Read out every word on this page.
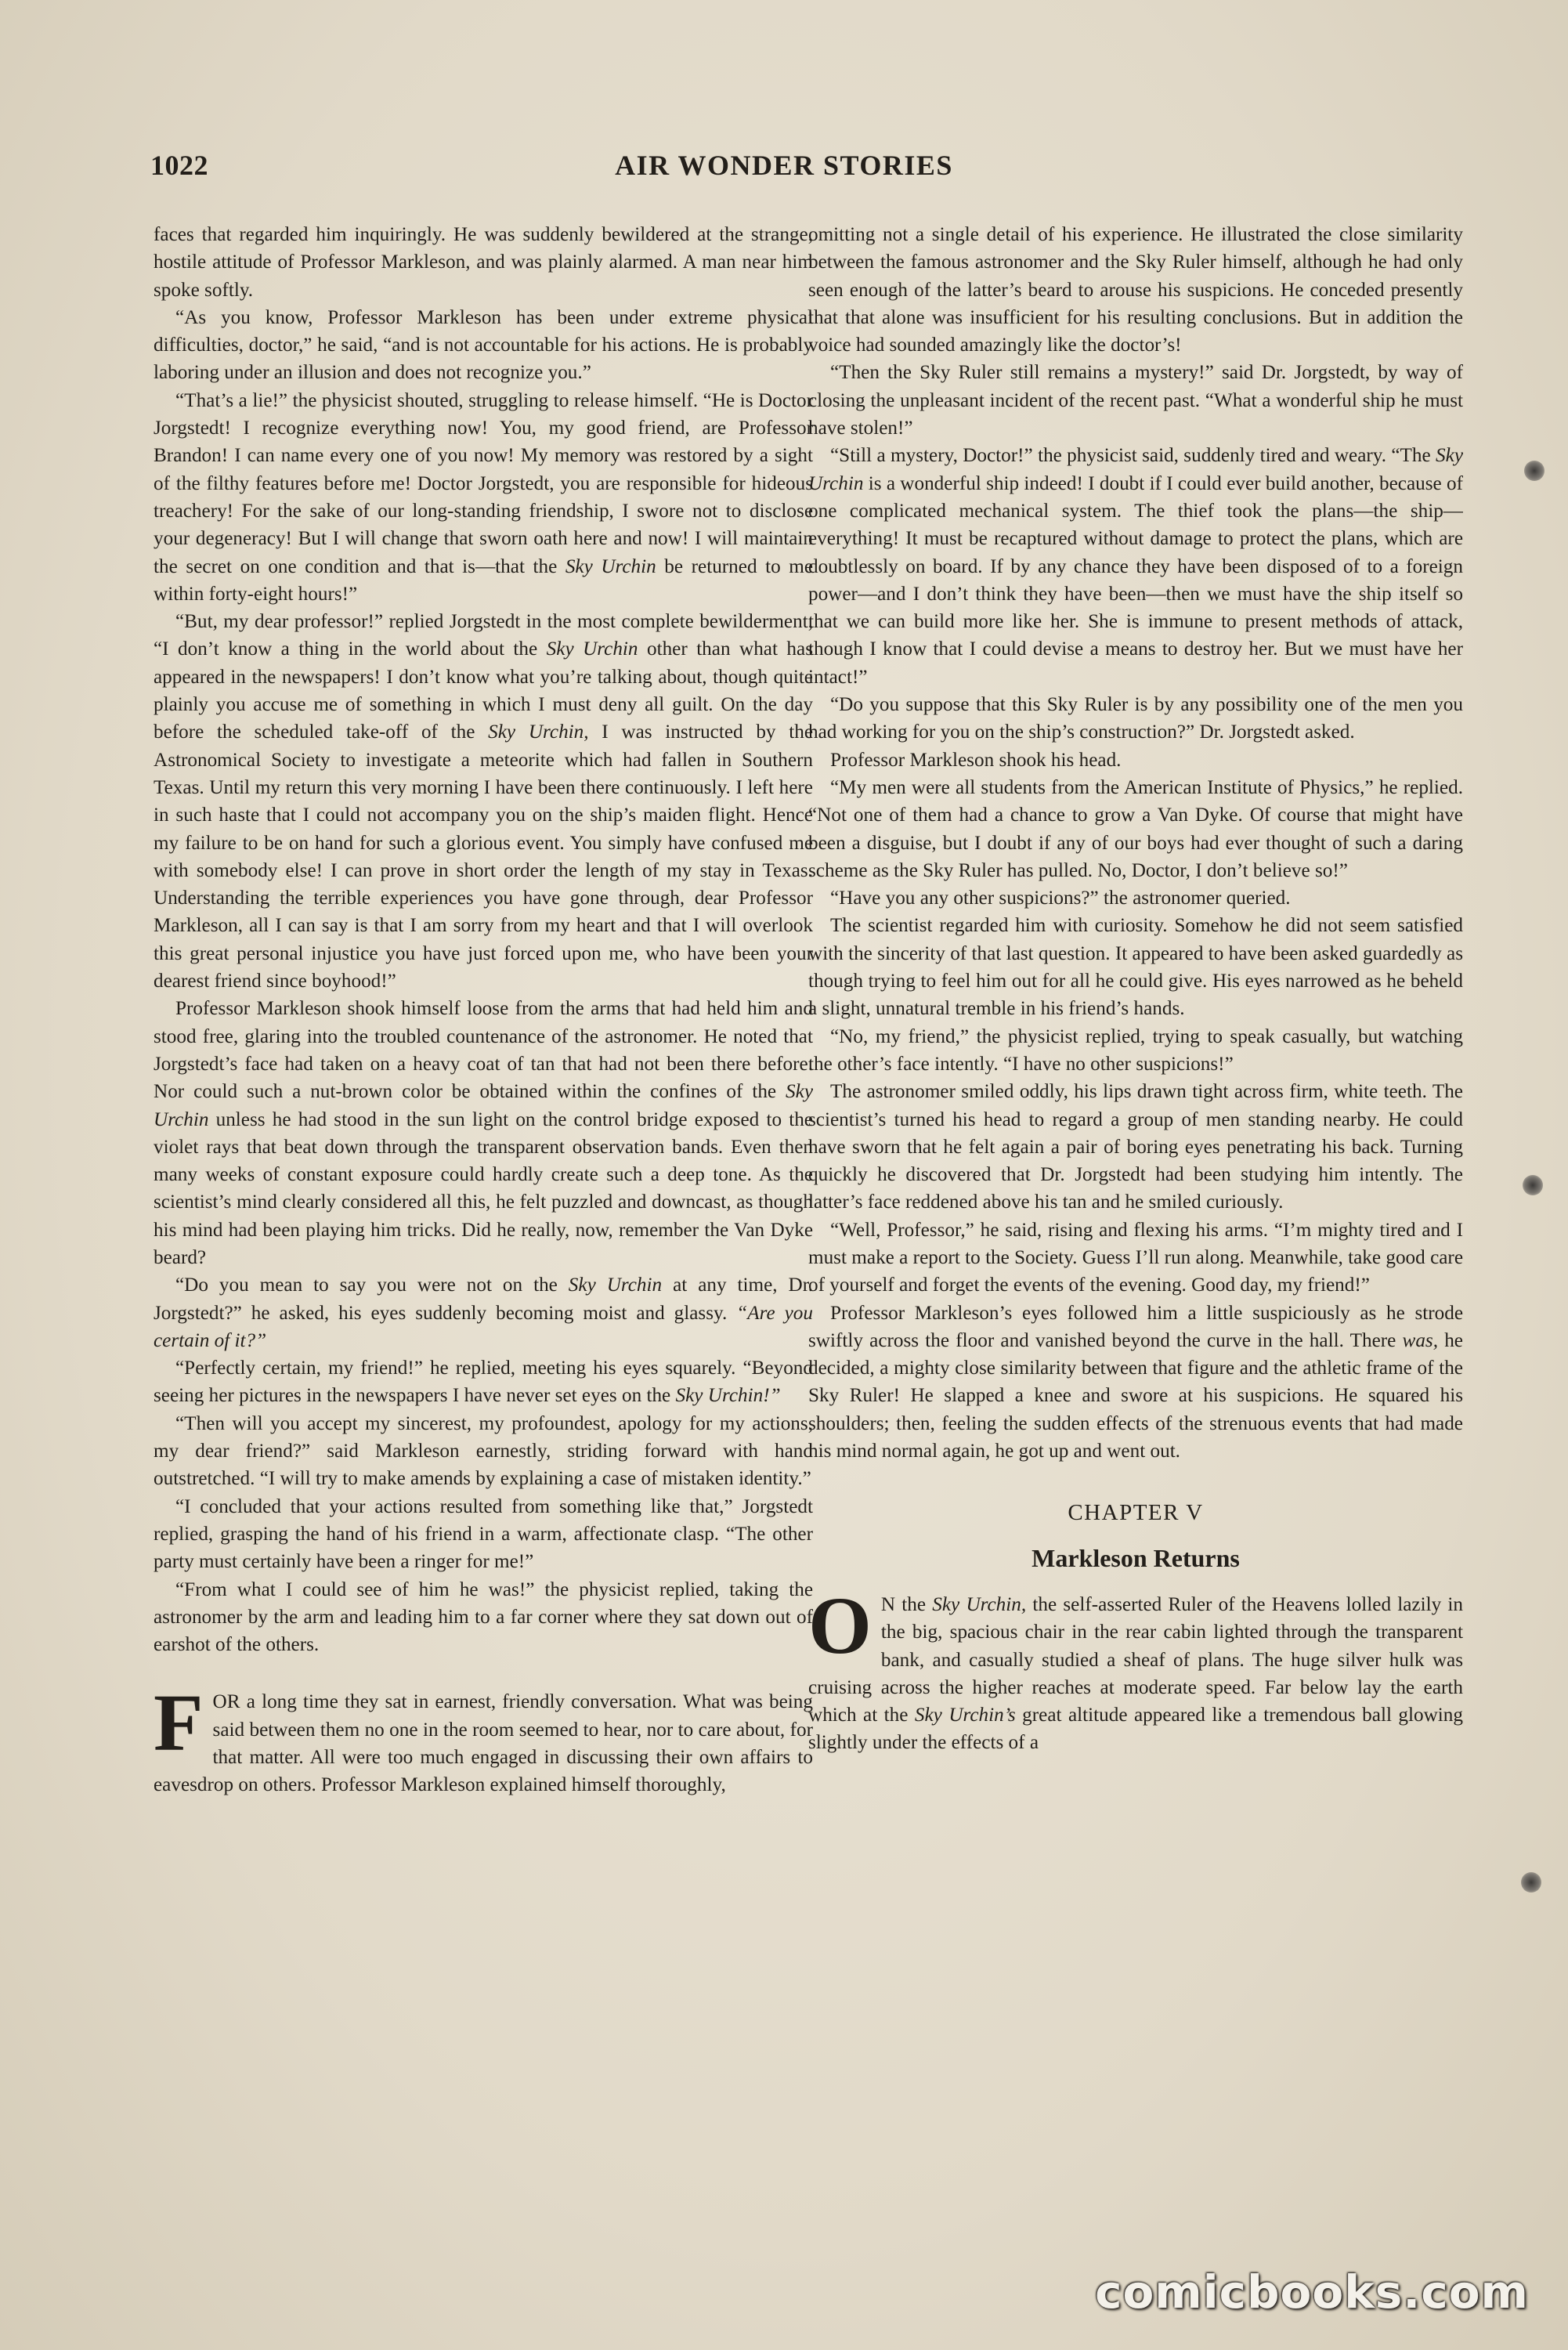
1022	AIR WONDER STORIES

faces that regarded him inquiringly. He was suddenly bewildered at the strange, hostile attitude of Professor Markleson, and was plainly alarmed. A man near him spoke softly.

“As you know, Professor Markleson has been under extreme physical difficulties, doctor,” he said, “and is not accountable for his actions. He is probably laboring under an illusion and does not recognize you.”

“That’s a lie!” the physicist shouted, struggling to release himself. “He is Doctor Jorgstedt! I recognize everything now! You, my good friend, are Professor Brandon! I can name every one of you now! My memory was restored by a sight of the filthy features before me! Doctor Jorgstedt, you are responsible for hideous treachery! For the sake of our long-standing friendship, I swore not to disclose your degeneracy! But I will change that sworn oath here and now! I will maintain the secret on one condition and that is—that the Sky Urchin be returned to me within forty-eight hours!”

“But, my dear professor!” replied Jorgstedt in the most complete bewilderment, “I don’t know a thing in the world about the Sky Urchin other than what has appeared in the newspapers! I don’t know what you’re talking about, though quite plainly you accuse me of something in which I must deny all guilt. On the day before the scheduled take-off of the Sky Urchin, I was instructed by the Astronomical Society to investigate a meteorite which had fallen in Southern Texas. Until my return this very morning I have been there continuously. I left here in such haste that I could not accompany you on the ship’s maiden flight. Hence my failure to be on hand for such a glorious event. You simply have confused me with somebody else! I can prove in short order the length of my stay in Texas. Understanding the terrible experiences you have gone through, dear Professor Markleson, all I can say is that I am sorry from my heart and that I will overlook this great personal injustice you have just forced upon me, who have been your dearest friend since boyhood!”

Professor Markleson shook himself loose from the arms that had held him and stood free, glaring into the troubled countenance of the astronomer. He noted that Jorgstedt’s face had taken on a heavy coat of tan that had not been there before. Nor could such a nut-brown color be obtained within the confines of the Sky Urchin unless he had stood in the sun light on the control bridge exposed to the violet rays that beat down through the transparent observation bands. Even then many weeks of constant exposure could hardly create such a deep tone. As the scientist’s mind clearly considered all this, he felt puzzled and downcast, as though his mind had been playing him tricks. Did he really, now, remember the Van Dyke beard?

“Do you mean to say you were not on the Sky Urchin at any time, Dr. Jorgstedt?” he asked, his eyes suddenly becoming moist and glassy. “Are you certain of it?”

“Perfectly certain, my friend!” he replied, meeting his eyes squarely. “Beyond seeing her pictures in the newspapers I have never set eyes on the Sky Urchin!”

“Then will you accept my sincerest, my profoundest, apology for my actions, my dear friend?” said Markleson earnestly, striding forward with hand outstretched. “I will try to make amends by explaining a case of mistaken identity.”

“I concluded that your actions resulted from something like that,” Jorgstedt replied, grasping the hand of his friend in a warm, affectionate clasp. “The other party must certainly have been a ringer for me!”

“From what I could see of him he was!” the physicist replied, taking the astronomer by the arm and leading him to a far corner where they sat down out of earshot of the others.

FOR a long time they sat in earnest, friendly conversation. What was being said between them no one in the room seemed to hear, nor to care about, for that matter. All were too much engaged in discussing their own affairs to eavesdrop on others. Professor Markleson explained himself thoroughly,

omitting not a single detail of his experience. He illustrated the close similarity between the famous astronomer and the Sky Ruler himself, although he had only seen enough of the latter’s beard to arouse his suspicions. He conceded presently that that alone was insufficient for his resulting conclusions. But in addition the voice had sounded amazingly like the doctor’s!

“Then the Sky Ruler still remains a mystery!” said Dr. Jorgstedt, by way of closing the unpleasant incident of the recent past. “What a wonderful ship he must have stolen!”

“Still a mystery, Doctor!” the physicist said, suddenly tired and weary. “The Sky Urchin is a wonderful ship indeed! I doubt if I could ever build another, because of one complicated mechanical system. The thief took the plans—the ship—everything! It must be recaptured without damage to protect the plans, which are doubtlessly on board. If by any chance they have been disposed of to a foreign power—and I don’t think they have been—then we must have the ship itself so that we can build more like her. She is immune to present methods of attack, though I know that I could devise a means to destroy her. But we must have her intact!”

“Do you suppose that this Sky Ruler is by any possibility one of the men you had working for you on the ship’s construction?” Dr. Jorgstedt asked.

Professor Markleson shook his head.

“My men were all students from the American Institute of Physics,” he replied. “Not one of them had a chance to grow a Van Dyke. Of course that might have been a disguise, but I doubt if any of our boys had ever thought of such a daring scheme as the Sky Ruler has pulled. No, Doctor, I don’t believe so!”

“Have you any other suspicions?” the astronomer queried.

The scientist regarded him with curiosity. Somehow he did not seem satisfied with the sincerity of that last question. It appeared to have been asked guardedly as though trying to feel him out for all he could give. His eyes narrowed as he beheld a slight, unnatural tremble in his friend’s hands.

“No, my friend,” the physicist replied, trying to speak casually, but watching the other’s face intently. “I have no other suspicions!”

The astronomer smiled oddly, his lips drawn tight across firm, white teeth. The scientist’s turned his head to regard a group of men standing nearby. He could have sworn that he felt again a pair of boring eyes penetrating his back. Turning quickly he discovered that Dr. Jorgstedt had been studying him intently. The latter’s face reddened above his tan and he smiled curiously.

“Well, Professor,” he said, rising and flexing his arms. “I’m mighty tired and I must make a report to the Society. Guess I’ll run along. Meanwhile, take good care of yourself and forget the events of the evening. Good day, my friend!”

Professor Markleson’s eyes followed him a little suspiciously as he strode swiftly across the floor and vanished beyond the curve in the hall. There was, he decided, a mighty close similarity between that figure and the athletic frame of the Sky Ruler! He slapped a knee and swore at his suspicions. He squared his shoulders; then, feeling the sudden effects of the strenuous events that had made his mind normal again, he got up and went out.

CHAPTER V
Markleson Returns

O N the Sky Urchin, the self-asserted Ruler of the Heavens lolled lazily in the big, spacious chair in the rear cabin lighted through the transparent bank, and casually studied a sheaf of plans. The huge silver hulk was cruising across the higher reaches at moderate speed. Far below lay the earth which at the Sky Urchin’s great altitude appeared like a tremendous ball glowing slightly under the effects of a

comicbooks.com
